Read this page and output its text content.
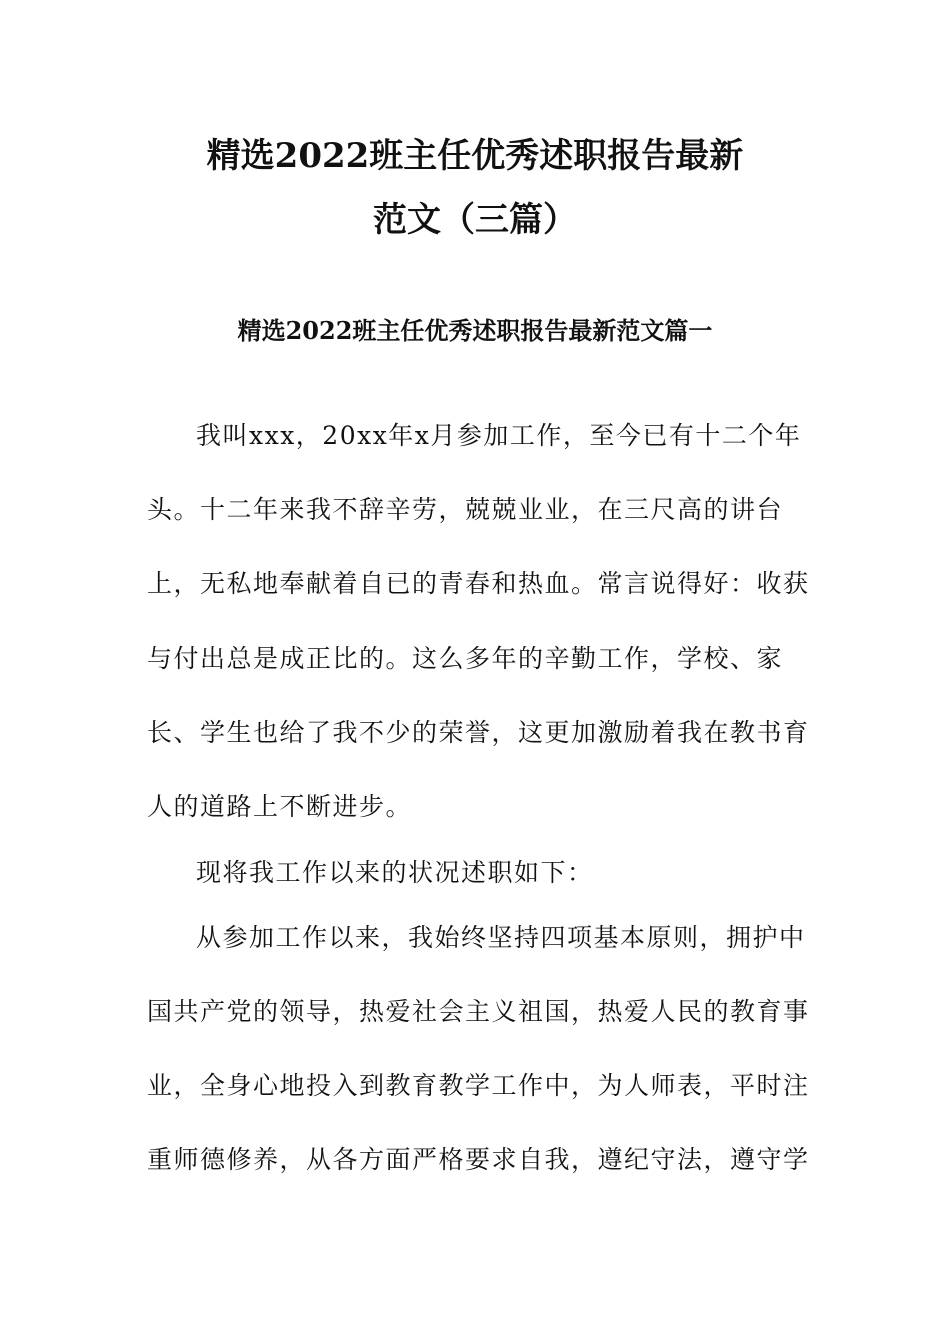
精选2022班主任优秀述职报告最新
范文（三篇）
精选2022班主任优秀述职报告最新范文篇一
我叫xxx，20xx年x月参加工作，至今已有十二个年
头。十二年来我不辞辛劳，兢兢业业，在三尺高的讲台
上，无私地奉献着自已的青春和热血。常言说得好：收获
与付出总是成正比的。这么多年的辛勤工作，学校、家
长、学生也给了我不少的荣誉，这更加激励着我在教书育
人的道路上不断进步。
现将我工作以来的状况述职如下：
从参加工作以来，我始终坚持四项基本原则，拥护中
国共产党的领导，热爱社会主义祖国，热爱人民的教育事
业，全身心地投入到教育教学工作中，为人师表，平时注
重师德修养，从各方面严格要求自我，遵纪守法，遵守学
